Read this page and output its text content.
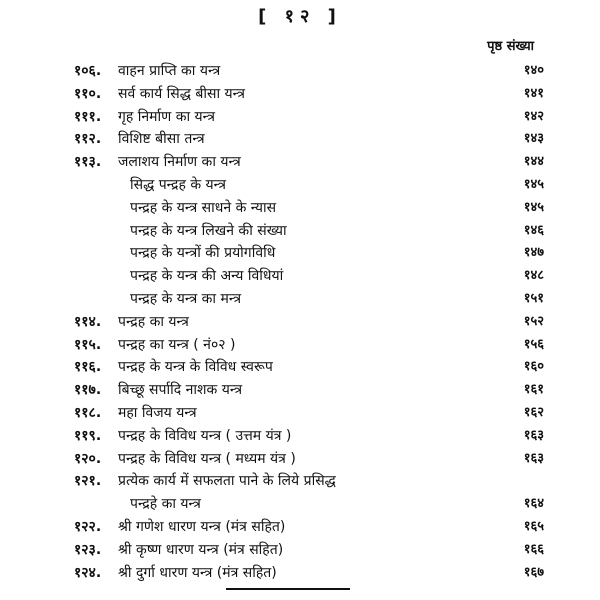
[ १२ ]
पृष्ठ संख्या
१०६. वाहन प्राप्ति का यन्त्र	१४०
११०. सर्व कार्य सिद्ध बीसा यन्त्र	१४१
१११. गृह निर्माण का यन्त्र	१४२
११२. विशिष्ट बीसा तन्त्र	१४३
११३. जलाशय निर्माण का यन्त्र	१४४
सिद्ध पन्द्रह के यन्त्र	१४५
पन्द्रह के यन्त्र साधने के न्यास	१४५
पन्द्रह के यन्त्र लिखने की संख्या	१४६
पन्द्रह के यन्त्रों की प्रयोगविधि	१४७
पन्द्रह के यन्त्र की अन्य विधियां	१४८
पन्द्रह के यन्त्र का मन्त्र	१५१
११४. पन्द्रह का यन्त्र	१५२
११५. पन्द्रह का यन्त्र ( नं०२ )	१५६
११६. पन्द्रह के यन्त्र के विविध स्वरूप	१६०
११७. बिच्छू सर्पादि नाशक यन्त्र	१६१
११८. महा विजय यन्त्र	१६२
११९. पन्द्रह के विविध यन्त्र ( उत्तम यंत्र )	१६३
१२०. पन्द्रह के विविध यन्त्र ( मध्यम यंत्र )	१६३
१२१. प्रत्येक कार्य में सफलता पाने के लिये प्रसिद्ध
पन्द्रहे का यन्त्र	१६४
१२२. श्री गणेश धारण यन्त्र (मंत्र सहित)	१६५
१२३. श्री कृष्ण धारण यन्त्र (मंत्र सहित)	१६६
१२४. श्री दुर्गा धारण यन्त्र (मंत्र सहित)	१६७
